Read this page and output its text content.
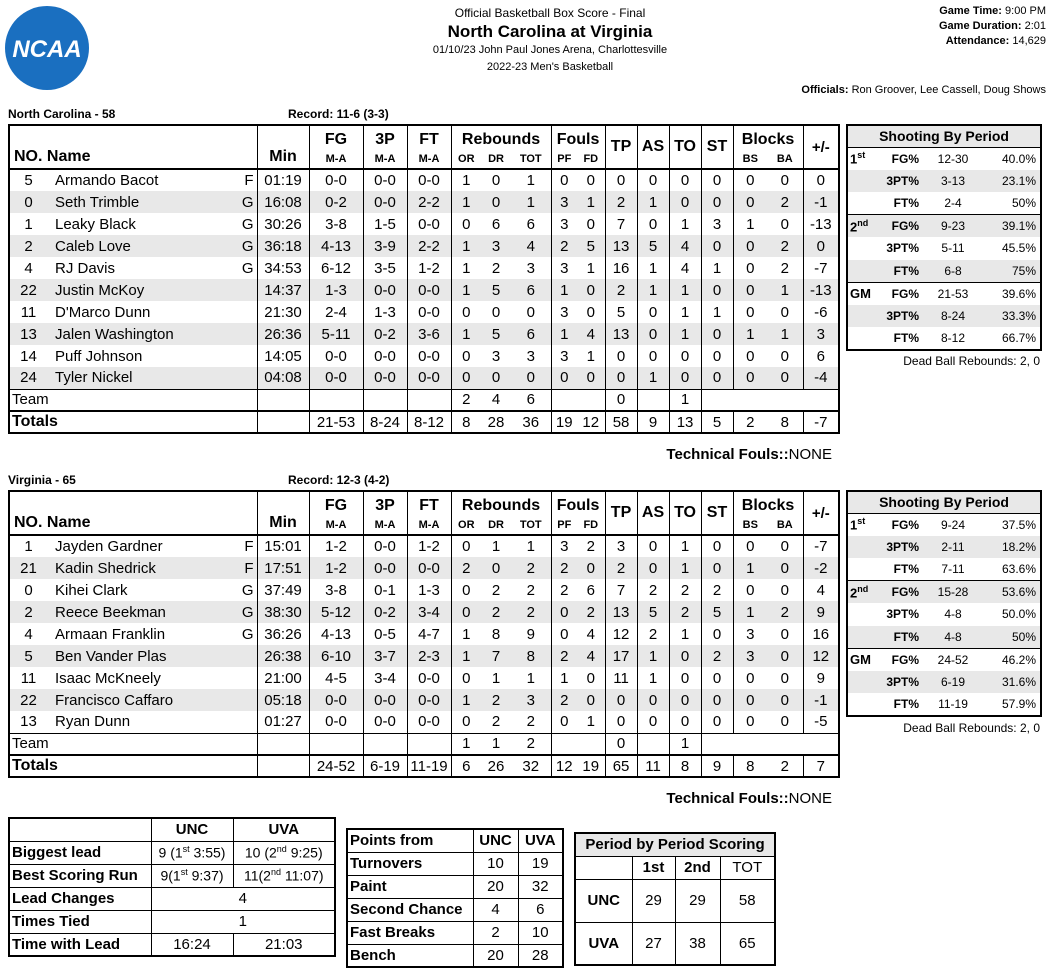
NCAA
Official Basketball Box Score - Final
North Carolina at Virginia
01/10/23 John Paul Jones Arena, Charlottesville
2022-23 Men's Basketball
Game Time: 9:00 PM
Game Duration: 2:01
Attendance: 14,629
Officials: Ron Groover, Lee Cassell, Doug Shows
North Carolina - 58	Record: 11-6 (3-3)
NO. Name		Min	FG	3P	FT	Rebounds			Fouls		TP	AS	TO	ST	Blocks		+/-
			M-A	M-A	M-A	OR	DR	TOT	PF	FD					BS	BA	
5	Armando Bacot F	01:19	0-0	0-0	0-0	1	0	1	0	0	0	0	0	0	0	0	0
0	Seth Trimble G	16:08	0-2	0-0	2-2	1	0	1	3	1	2	1	0	0	0	2	-1
1	Leaky Black G	30:26	3-8	1-5	0-0	0	6	6	3	0	7	0	1	3	1	0	-13
2	Caleb Love G	36:18	4-13	3-9	2-2	1	3	4	2	5	13	5	4	0	0	2	0
4	RJ Davis G	34:53	6-12	3-5	1-2	1	2	3	3	1	16	1	4	1	0	2	-7
22	Justin McKoy	14:37	1-3	0-0	0-0	1	5	6	1	0	2	1	1	0	0	1	-13
11	D'Marco Dunn	21:30	2-4	1-3	0-0	0	0	0	3	0	5	0	1	1	0	0	-6
13	Jalen Washington	26:36	5-11	0-2	3-6	1	5	6	1	4	13	0	1	0	1	1	3
14	Puff Johnson	14:05	0-0	0-0	0-0	0	3	3	3	1	0	0	0	0	0	0	6
24	Tyler Nickel	04:08	0-0	0-0	0-0	0	0	0	0	0	0	1	0	0	0	0	-4
Team						2	4	6			0		1				
Totals			21-53	8-24	8-12	8	28	36	19	12	58	9	13	5	2	8	-7
Technical Fouls::NONE
Shooting By Period			
1st	FG%	12-30	40.0%
	3PT%	3-13	23.1%
	FT%	2-4	50%
2nd	FG%	9-23	39.1%
	3PT%	5-11	45.5%
	FT%	6-8	75%
GM	FG%	21-53	39.6%
	3PT%	8-24	33.3%
	FT%	8-12	66.7%
Dead Ball Rebounds: 2, 0
Virginia - 65	Record: 12-3 (4-2)
NO. Name		Min	FG	3P	FT	Rebounds			Fouls		TP	AS	TO	ST	Blocks		+/-
			M-A	M-A	M-A	OR	DR	TOT	PF	FD					BS	BA	
1	Jayden Gardner F	15:01	1-2	0-0	1-2	0	1	1	3	2	3	0	1	0	0	0	-7
21	Kadin Shedrick F	17:51	1-2	0-0	0-0	2	0	2	2	0	2	0	1	0	1	0	-2
0	Kihei Clark G	37:49	3-8	0-1	1-3	0	2	2	2	6	7	2	2	2	0	0	4
2	Reece Beekman G	38:30	5-12	0-2	3-4	0	2	2	0	2	13	5	2	5	1	2	9
4	Armaan Franklin G	36:26	4-13	0-5	4-7	1	8	9	0	4	12	2	1	0	3	0	16
5	Ben Vander Plas	26:38	6-10	3-7	2-3	1	7	8	2	4	17	1	0	2	3	0	12
11	Isaac McKneely	21:00	4-5	3-4	0-0	0	1	1	1	0	11	1	0	0	0	0	9
22	Francisco Caffaro	05:18	0-0	0-0	0-0	1	2	3	2	0	0	0	0	0	0	0	-1
13	Ryan Dunn	01:27	0-0	0-0	0-0	0	2	2	0	1	0	0	0	0	0	0	-5
Team						1	1	2			0		1				
Totals			24-52	6-19	11-19	6	26	32	12	19	65	11	8	9	8	2	7
Technical Fouls::NONE
Shooting By Period			
1st	FG%	9-24	37.5%
	3PT%	2-11	18.2%
	FT%	7-11	63.6%
2nd	FG%	15-28	53.6%
	3PT%	4-8	50.0%
	FT%	4-8	50%
GM	FG%	24-52	46.2%
	3PT%	6-19	31.6%
	FT%	11-19	57.9%
Dead Ball Rebounds: 2, 0
	UNC	UVA
Biggest lead	9 (1st 3:55)	10 (2nd 9:25)
Best Scoring Run	9(1st 9:37)	11(2nd 11:07)
Lead Changes	4	
Times Tied	1	
Time with Lead	16:24	21:03
Points from	UNC	UVA
Turnovers	10	19
Paint	20	32
Second Chance	4	6
Fast Breaks	2	10
Bench	20	28
Period by Period Scoring			
	1st	2nd	TOT
UNC	29	29	58
UVA	27	38	65
